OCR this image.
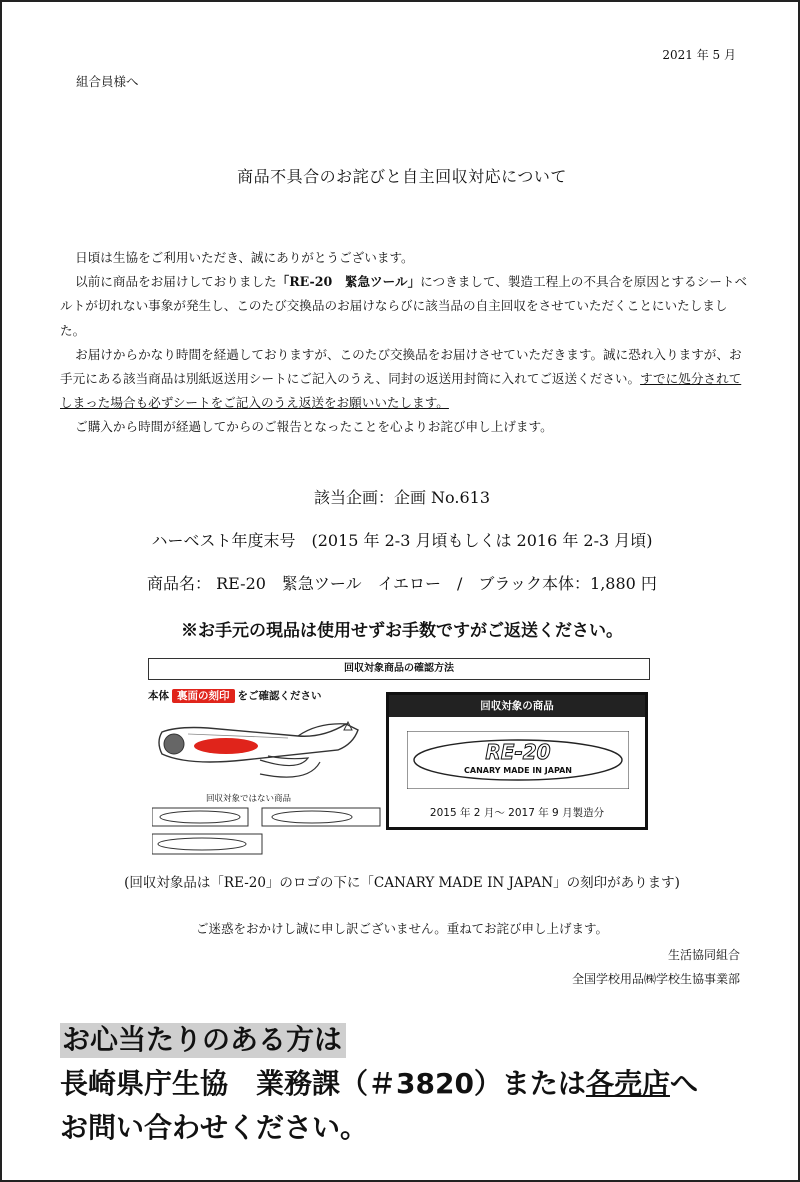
2021 年 5 月
組合員様へ
商品不具合のお詫びと自主回収対応について

日頃は生協をご利用いただき、誠にありがとうございます。

以前に商品をお届けしておりました「RE-20　緊急ツール」につきまして、製造工程上の不具合を原因とするシートベルトが切れない事象が発生し、このたび交換品のお届けならびに該当品の自主回収をさせていただくことにいたしました。

お届けからかなり時間を経過しておりますが、このたび交換品をお届けさせていただきます。誠に恐れ入りますが、お手元にある該当商品は別紙返送用シートにご記入のうえ、同封の返送用封筒に入れてご返送ください。すでに処分されてしまった場合も必ずシートをご記入のうえ返送をお願いいたします。

ご購入から時間が経過してからのご報告となったことを心よりお詫び申し上げます。

該当企画：企画 No.613
ハーベスト年度末号　(2015 年 2-3 月頃もしくは 2016 年 2-3 月頃)
商品名： RE-20　緊急ツール　イエロー　/　ブラック本体：1,880 円
※お手元の現品は使用せずお手数ですがご返送ください。
回収対象商品の確認方法
本体 裏面の刻印 をご確認ください
回収対象ではない商品
回収対象の商品
RE-20
CANARY MADE IN JAPAN
2015 年 2 月～ 2017 年 9 月製造分
(回収対象品は「RE-20」のロゴの下に「CANARY MADE IN JAPAN」の刻印があります)
ご迷惑をおかけし誠に申し訳ございません。重ねてお詫び申し上げます。
生活協同組合
全国学校用品㈱学校生協事業部
お心当たりのある方は
長崎県庁生協　業務課（＃3820）または各売店へ
お問い合わせください。
